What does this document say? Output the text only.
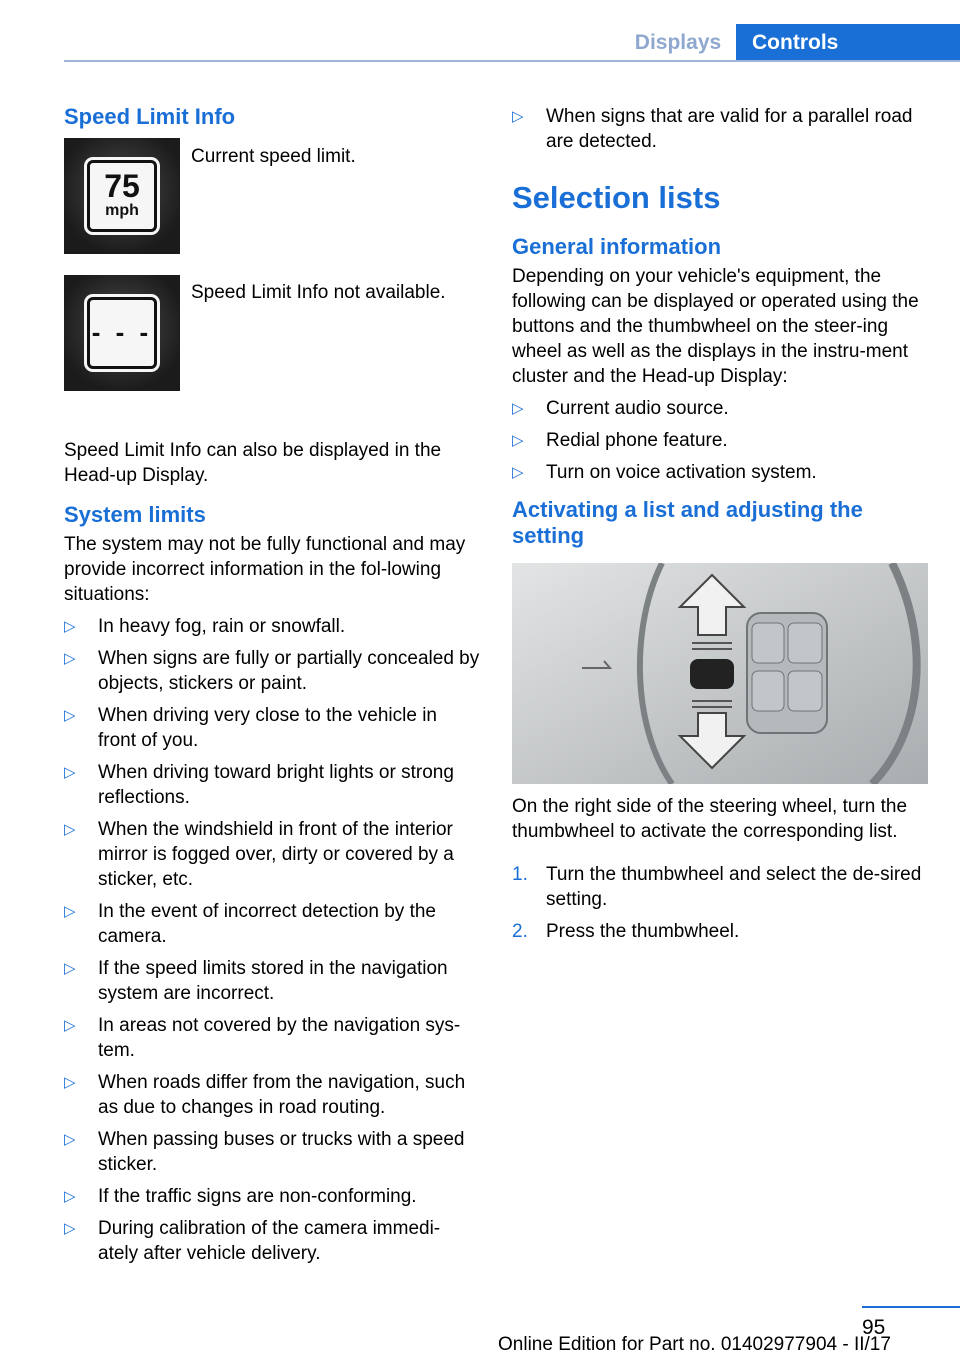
Displays	Controls
Speed Limit Info
75
mph

Current speed limit.

- - -

Speed Limit Info not available.

Speed Limit Info can also be displayed in the Head-up Display.

System limits

The system may not be fully functional and may provide incorrect information in the fol-lowing situations:

▷ In heavy fog, rain or snowfall.
▷ When signs are fully or partially concealed by objects, stickers or paint.
▷ When driving very close to the vehicle in front of you.
▷ When driving toward bright lights or strong reflections.
▷ When the windshield in front of the interior mirror is fogged over, dirty or covered by a sticker, etc.
▷ In the event of incorrect detection by the camera.
▷ If the speed limits stored in the navigation system are incorrect.
▷ In areas not covered by the navigation sys-tem.
▷ When roads differ from the navigation, such as due to changes in road routing.
▷ When passing buses or trucks with a speed sticker.
▷ If the traffic signs are non-conforming.
▷ During calibration of the camera immedi-ately after vehicle delivery.
▷ When signs that are valid for a parallel road are detected.
Selection lists
General information

Depending on your vehicle's equipment, the following can be displayed or operated using the buttons and the thumbwheel on the steer-ing wheel as well as the displays in the instru-ment cluster and the Head-up Display:

▷ Current audio source.
▷ Redial phone feature.
▷ Turn on voice activation system.
Activating a list and adjusting the setting

On the right side of the steering wheel, turn the thumbwheel to activate the corresponding list.

1. Turn the thumbwheel and select the de-sired setting.
2. Press the thumbwheel.
95
Online Edition for Part no. 01402977904 - II/17
